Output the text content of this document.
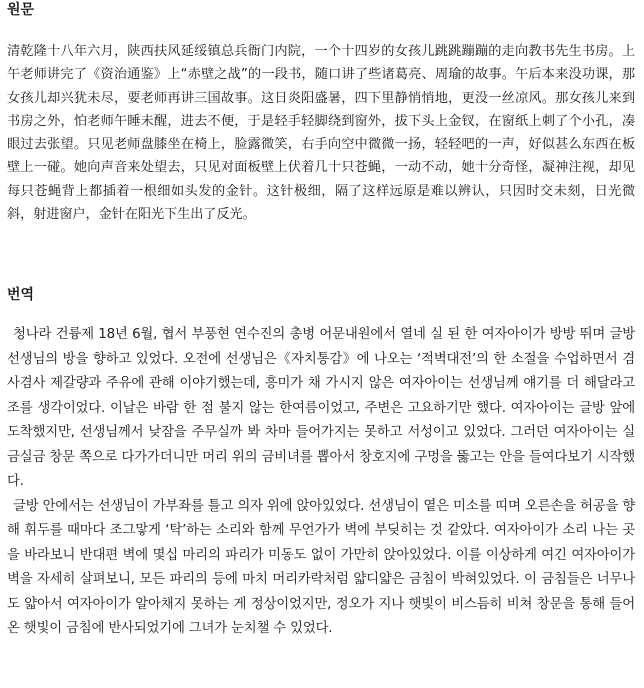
원문

清乾隆十八年六月，陕西扶风延绥镇总兵衙门内院，一个十四岁的女孩儿跳跳蹦蹦的走向教书先生书房。上午老师讲完了《资治通鉴》上“赤壁之战”的一段书，随口讲了些诸葛亮、周瑜的故事。午后本来没功课，那女孩儿却兴犹未尽，要老师再讲三国故事。这日炎阳盛暑，四下里静悄悄地，更没一丝凉风。那女孩儿来到书房之外，怕老师午睡未醒，进去不便，于是轻手轻脚绕到窗外，拔下头上金钗，在窗纸上刺了个小孔，凑眼过去张望。只见老师盘膝坐在椅上，脸露微笑，右手向空中微微一扬，轻轻吧的一声，好似甚么东西在板壁上一碰。她向声音来处望去，只见对面板壁上伏着几十只苍蝇，一动不动，她十分奇怪，凝神注视，却见每只苍蝇背上都插着一根细如头发的金针。这针极细，隔了这样远原是难以辨认，只因时交未刻，日光微斜，射进窗户，金针在阳光下生出了反光。

번역

청나라 건륭제 18년 6월, 협서 부풍현 연수진의 총병 어문내원에서 열네 실 된 한 여자아이가 방방 뛰며 글방 선생님의 방을 향하고 있었다. 오전에 선생님은《자치통감》에 나오는 ‘적벽대전’의 한 소절을 수업하면서 겸사겸사 제갈량과 주유에 관해 이야기했는데, 흥미가 채 가시지 않은 여자아이는 선생님께 얘기를 더 해달라고 조를 생각이었다. 이날은 바람 한 점 불지 않는 한여름이었고, 주변은 고요하기만 했다. 여자아이는 글방 앞에 도착했지만, 선생님께서 낮잠을 주무실까 봐 차마 들어가지는 못하고 서성이고 있었다. 그러던 여자아이는 실금실금 창문 쪽으로 다가가더니만 머리 위의 금비녀를 뽑아서 창호지에 구멍을 뚫고는 안을 들여다보기 시작했다.

글방 안에서는 선생님이 가부좌를 틀고 의자 위에 앉아있었다. 선생님이 옅은 미소를 띠며 오른손을 허공을 향해 휘두를 때마다 조그맣게 ‘탁’하는 소리와 함께 무언가가 벽에 부딪히는 것 같았다. 여자아이가 소리 나는 곳을 바라보니 반대편 벽에 몇십 마리의 파리가 미동도 없이 가만히 앉아있었다. 이를 이상하게 여긴 여자아이가 벽을 자세히 살펴보니, 모든 파리의 등에 마치 머리카락처럼 얇디얇은 금침이 박혀있었다. 이 금침들은 너무나도 얇아서 여자아이가 알아채지 못하는 게 정상이었지만, 정오가 지나 햇빛이 비스듬히 비쳐 창문을 통해 들어온 햇빛이 금침에 반사되었기에 그녀가 눈치챌 수 있었다.
